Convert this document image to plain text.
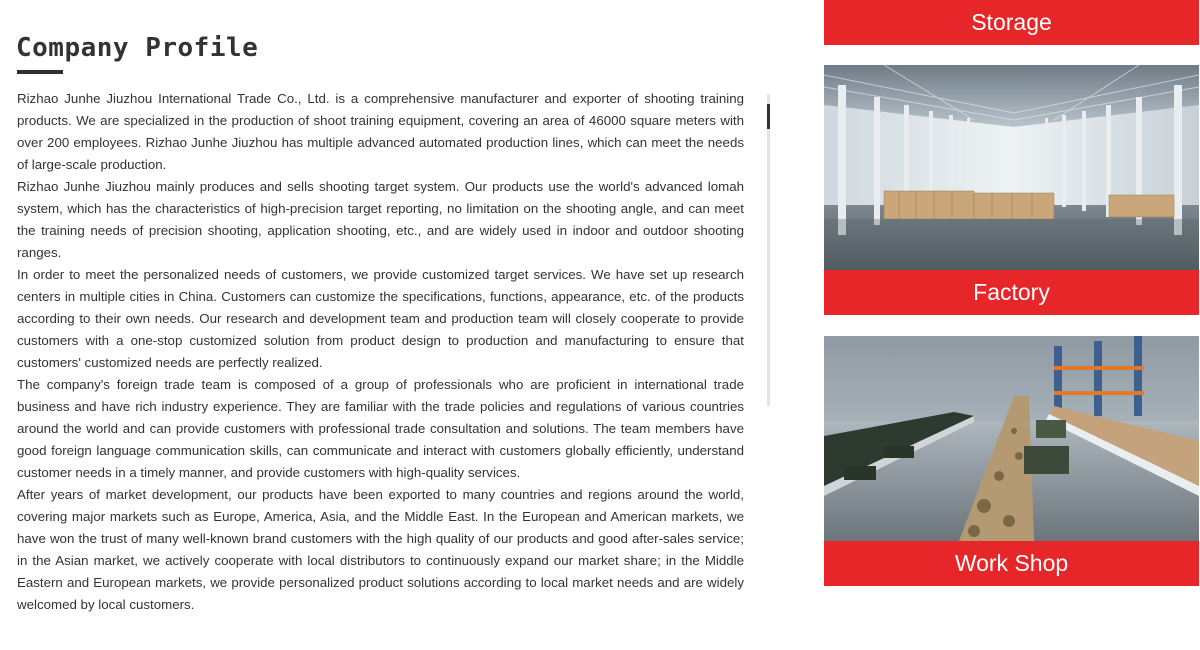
Company Profile

Rizhao Junhe Jiuzhou International Trade Co., Ltd. is a comprehensive manufacturer and exporter of shooting training products. We are specialized in the production of shoot training equipment, covering an area of 46000 square meters with over 200 employees. Rizhao Junhe Jiuzhou has multiple advanced automated production lines, which can meet the needs of large-scale production.

Rizhao Junhe Jiuzhou mainly produces and sells shooting target system. Our products use the world's advanced lomah system, which has the characteristics of high-precision target reporting, no limitation on the shooting angle, and can meet the training needs of precision shooting, application shooting, etc., and are widely used in indoor and outdoor shooting ranges.

In order to meet the personalized needs of customers, we provide customized target services. We have set up research centers in multiple cities in China. Customers can customize the specifications, functions, appearance, etc. of the products according to their own needs. Our research and development team and production team will closely cooperate to provide customers with a one-stop customized solution from product design to production and manufacturing to ensure that customers' customized needs are perfectly realized.

The company's foreign trade team is composed of a group of professionals who are proficient in international trade business and have rich industry experience. They are familiar with the trade policies and regulations of various countries around the world and can provide customers with professional trade consultation and solutions. The team members have good foreign language communication skills, can communicate and interact with customers globally efficiently, understand customer needs in a timely manner, and provide customers with high-quality services.

After years of market development, our products have been exported to many countries and regions around the world, covering major markets such as Europe, America, Asia, and the Middle East. In the European and American markets, we have won the trust of many well-known brand customers with the high quality of our products and good after-sales service; in the Asian market, we actively cooperate with local distributors to continuously expand our market share; in the Middle Eastern and European markets, we provide personalized product solutions according to local market needs and are widely welcomed by local customers.

Storage
Factory
Work Shop
